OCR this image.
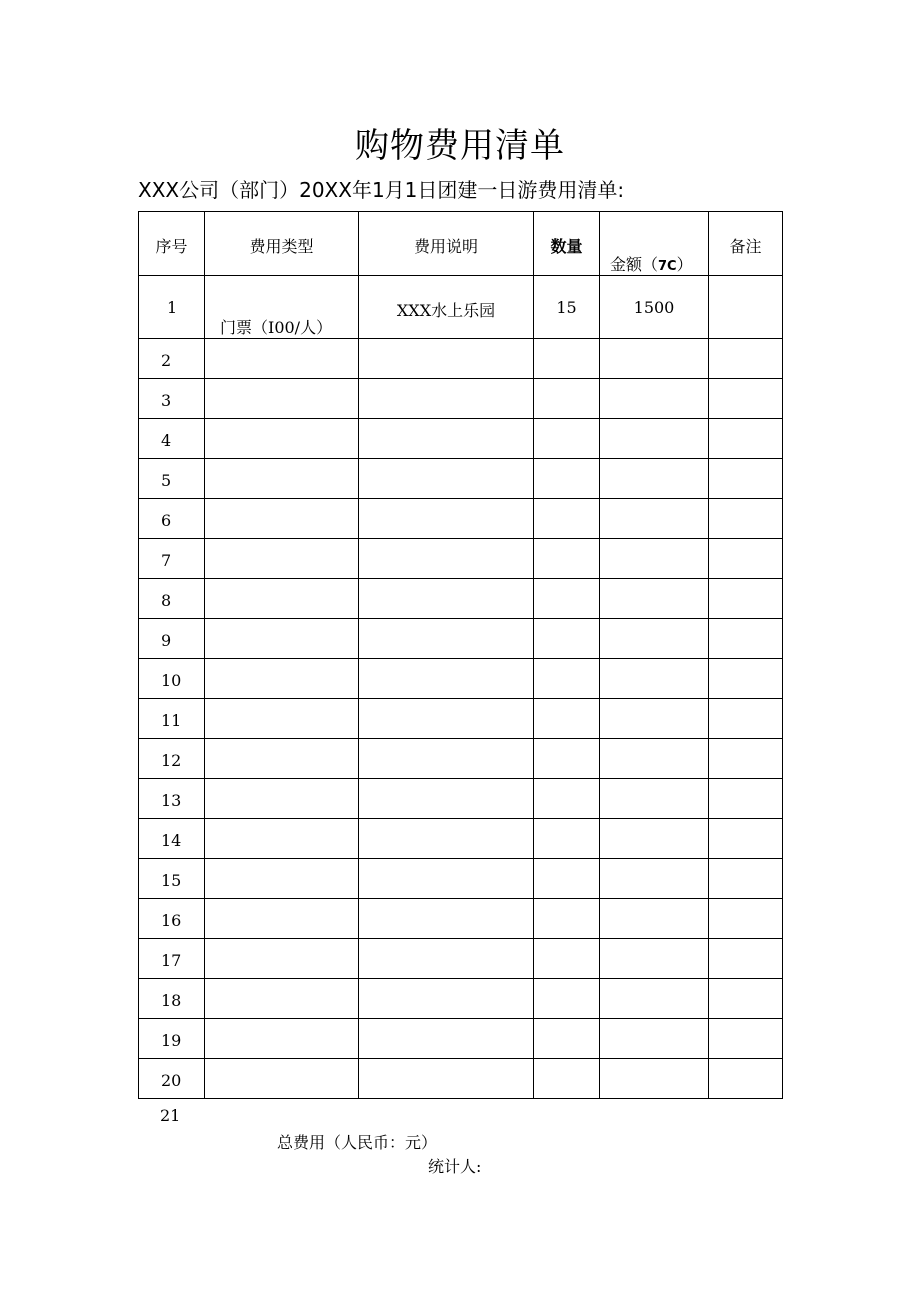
购物费用清单
XXX公司（部门）20XX年1月1日团建一日游费用清单:
序号	费用类型	费用说明	数量	金额（7C）	备注

1	门票（I00/人）	XXX水上乐园	15	1500	

2					

3					

4					

5					

6					

7					

8					

9					

10					

11					

12					

13					

14					

15					

16					

17					

18					

19					

20					

21
总费用（人民币：元）
统计人:
